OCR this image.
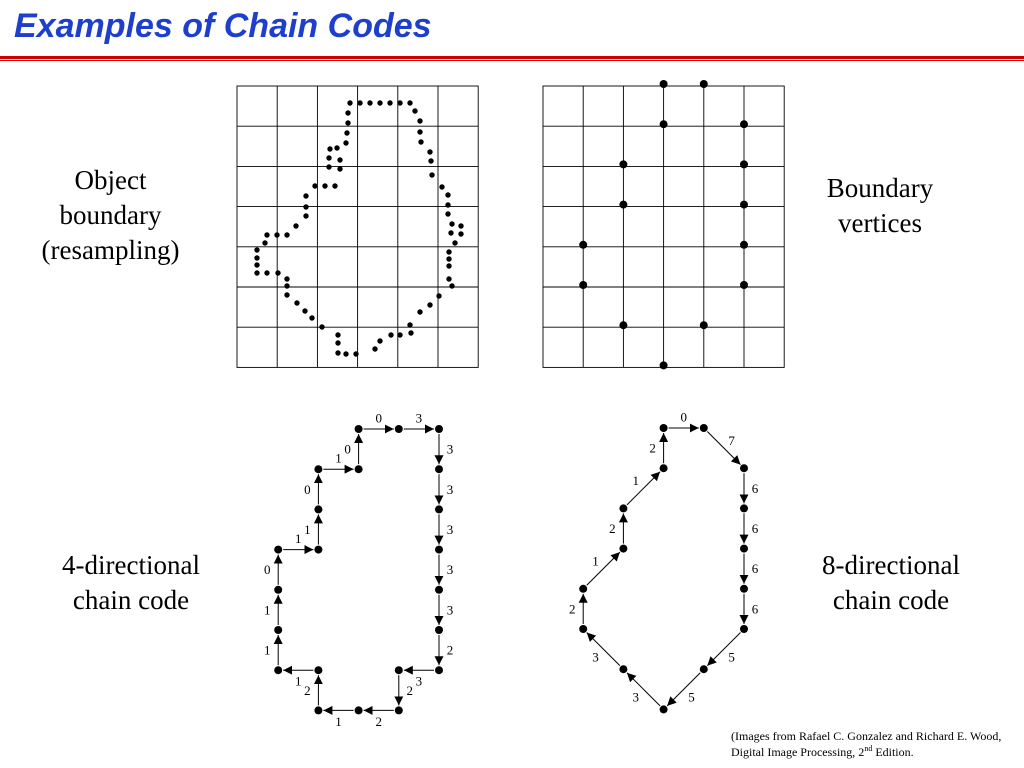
Examples of Chain Codes
Object
boundary
(resampling)
Boundary
vertices
4-directional
chain code
8-directional
chain code
0	3
3
3
3
3
3
2
3
2
2
1
2
1
1
1
0
1
1
0
1
0
0
7
6
6
6
6
5
5
3
3
2
1
2
1
2
(Images from Rafael C. Gonzalez and Richard E. Wood, Digital Image Processing, 2nd Edition.
